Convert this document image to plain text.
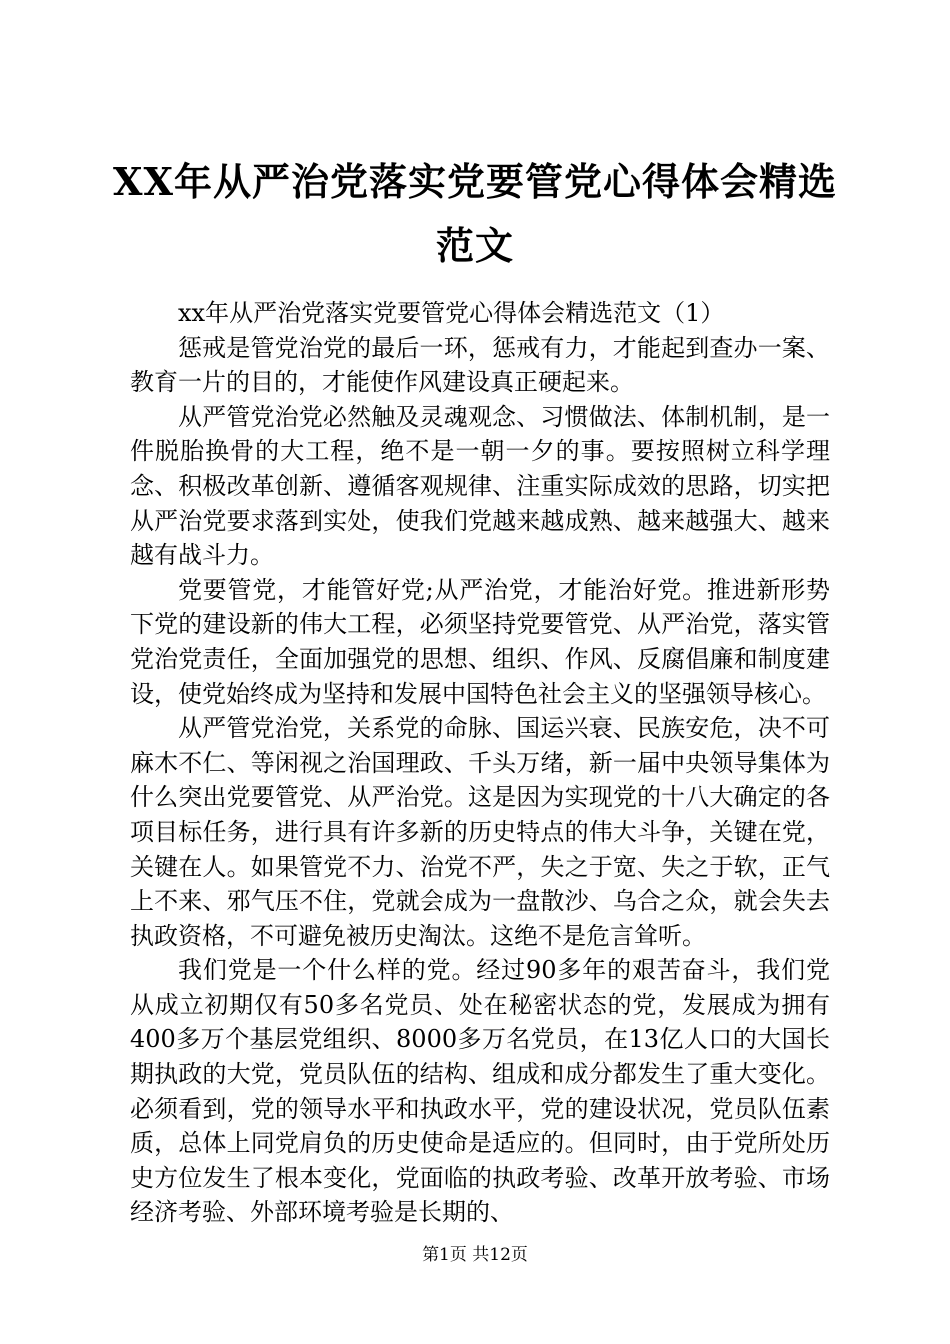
XX年从严治党落实党要管党心得体会精选范文

xx年从严治党落实党要管党心得体会精选范文（1）

惩戒是管党治党的最后一环，惩戒有力，才能起到查办一案、教育一片的目的，才能使作风建设真正硬起来。

从严管党治党必然触及灵魂观念、习惯做法、体制机制，是一件脱胎换骨的大工程，绝不是一朝一夕的事。要按照树立科学理念、积极改革创新、遵循客观规律、注重实际成效的思路，切实把从严治党要求落到实处，使我们党越来越成熟、越来越强大、越来越有战斗力。

党要管党，才能管好党;从严治党，才能治好党。推进新形势下党的建设新的伟大工程，必须坚持党要管党、从严治党，落实管党治党责任，全面加强党的思想、组织、作风、反腐倡廉和制度建设，使党始终成为坚持和发展中国特色社会主义的坚强领导核心。

从严管党治党，关系党的命脉、国运兴衰、民族安危，决不可麻木不仁、等闲视之治国理政、千头万绪，新一届中央领导集体为什么突出党要管党、从严治党。这是因为实现党的十八大确定的各项目标任务，进行具有许多新的历史特点的伟大斗争，关键在党，关键在人。如果管党不力、治党不严，失之于宽、失之于软，正气上不来、邪气压不住，党就会成为一盘散沙、乌合之众，就会失去执政资格，不可避免被历史淘汰。这绝不是危言耸听。

我们党是一个什么样的党。经过90多年的艰苦奋斗，我们党从成立初期仅有50多名党员、处在秘密状态的党，发展成为拥有400多万个基层党组织、8000多万名党员，在13亿人口的大国长期执政的大党，党员队伍的结构、组成和成分都发生了重大变化。必须看到，党的领导水平和执政水平，党的建设状况，党员队伍素质，总体上同党肩负的历史使命是适应的。但同时，由于党所处历史方位发生了根本变化，党面临的执政考验、改革开放考验、市场经济考验、外部环境考验是长期的、

第1页 共12页
